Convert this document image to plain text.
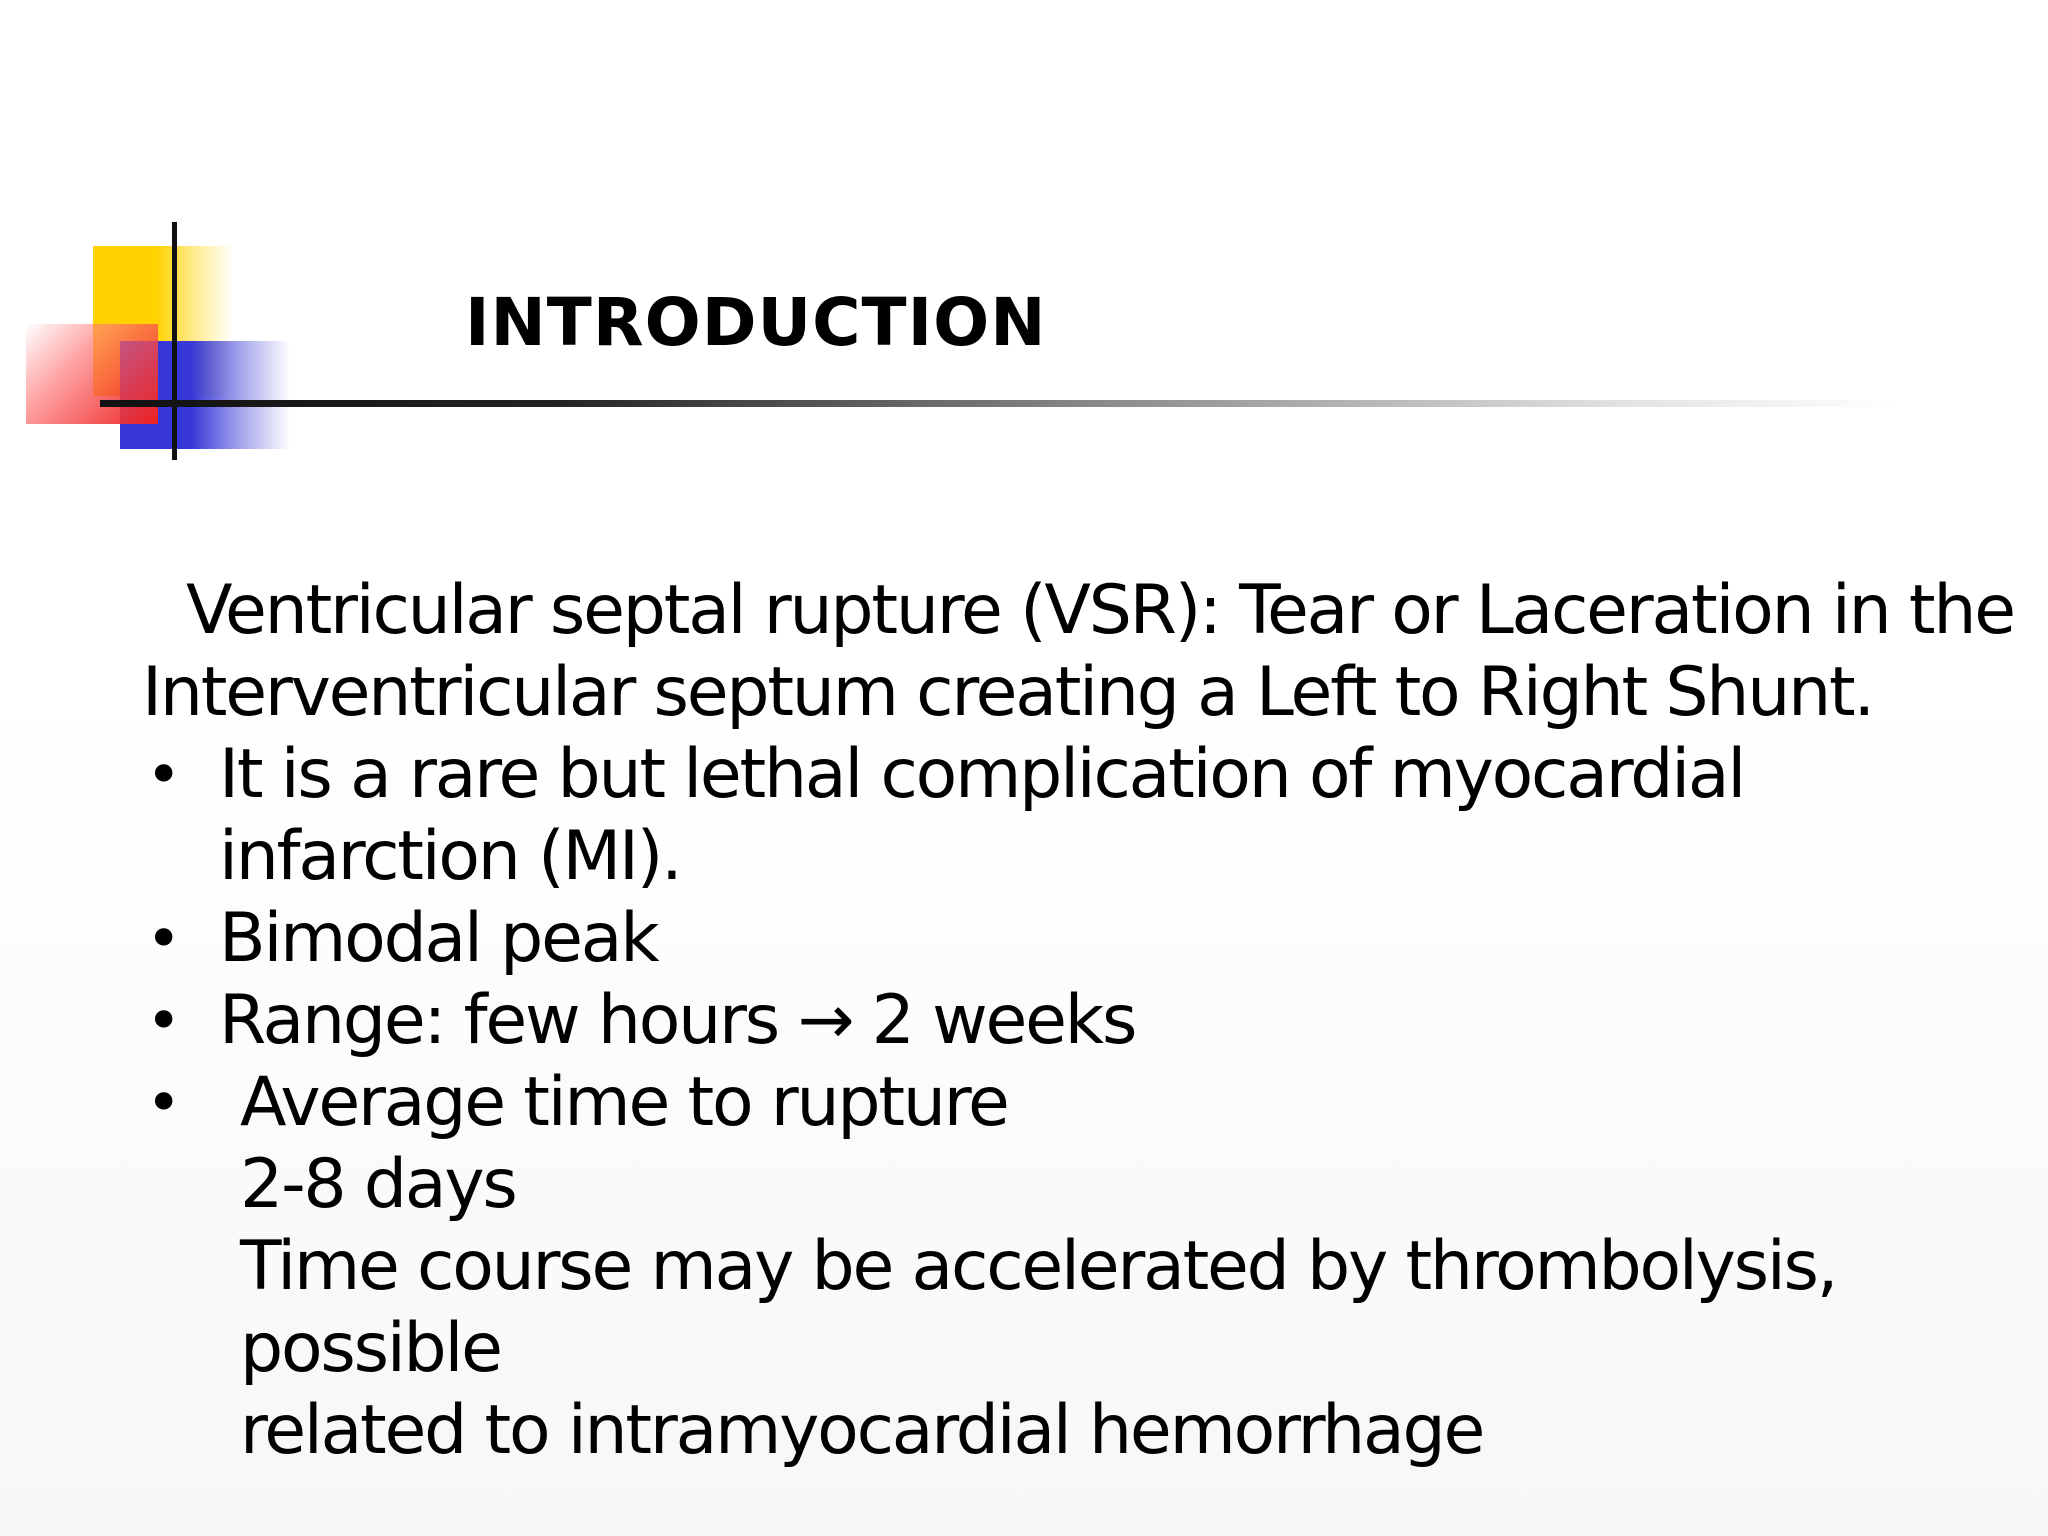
INTRODUCTION

Ventricular septal rupture (VSR): Tear or Laceration in the
Interventricular septum creating a Left to Right Shunt.

• It is a rare but lethal complication of myocardial
infarction (MI).
• Bimodal peak
• Range: few hours → 2 weeks
• Average time to rupture
2-8 days
Time course may be accelerated by thrombolysis, possible
related to intramyocardial hemorrhage
